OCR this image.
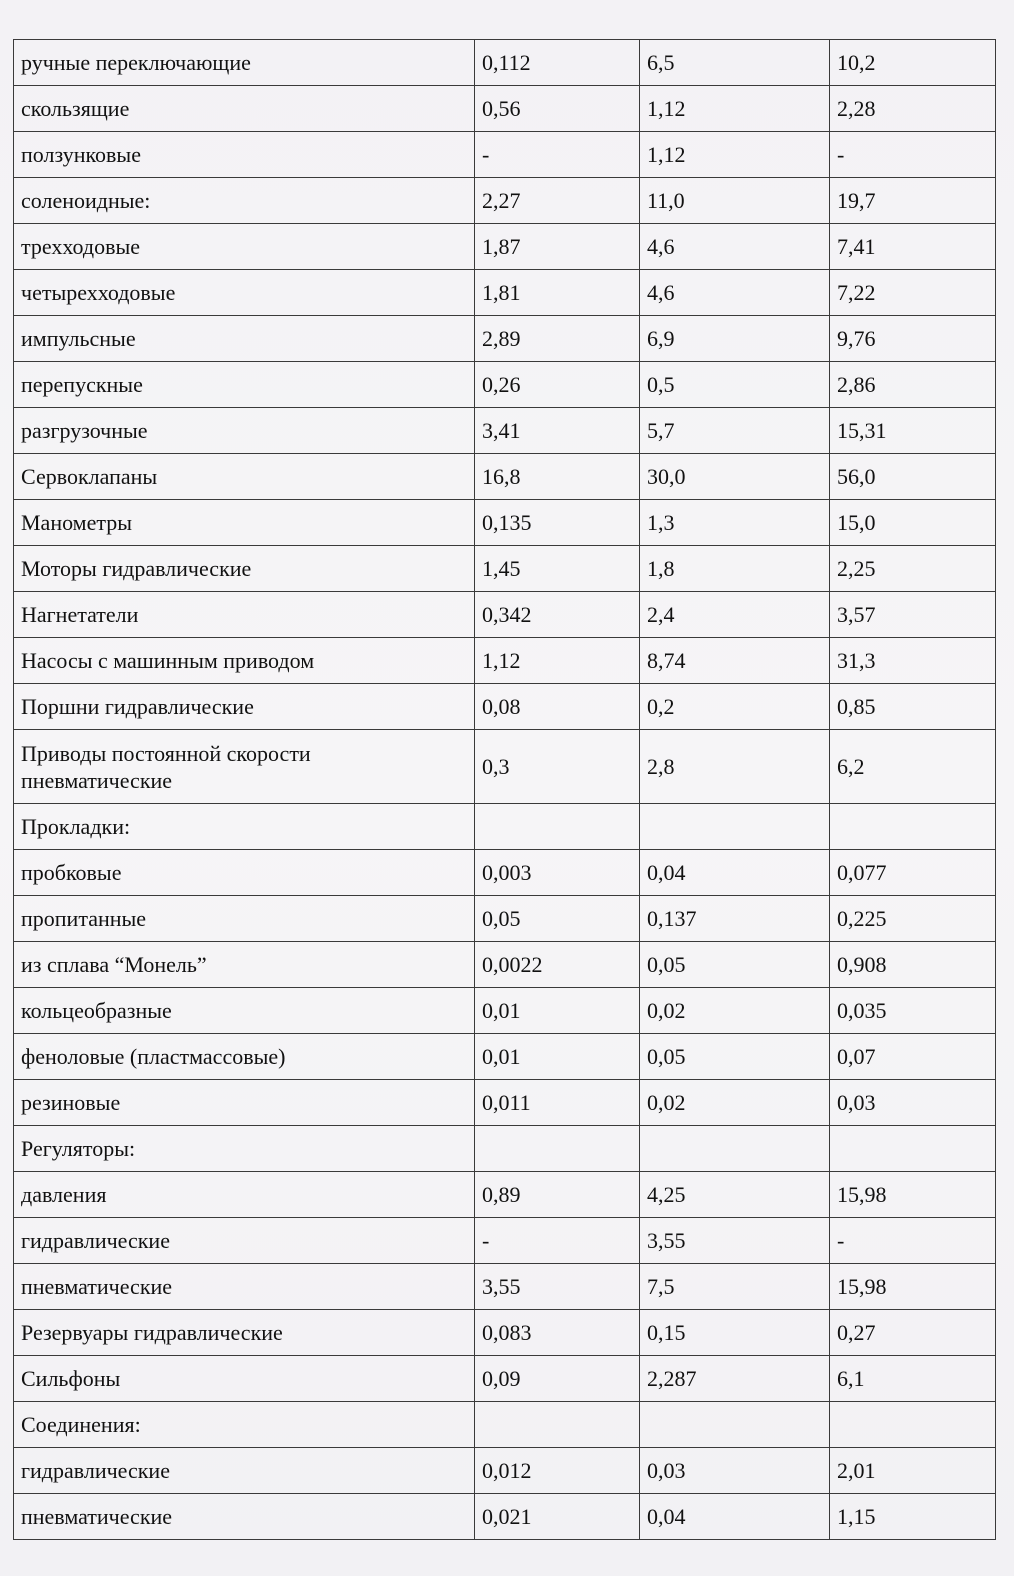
ручные переключающие	0,112	6,5	10,2
скользящие	0,56	1,12	2,28
ползунковые	-	1,12	-
соленоидные:	2,27	11,0	19,7
трехходовые	1,87	4,6	7,41
четырехходовые	1,81	4,6	7,22
импульсные	2,89	6,9	9,76
перепускные	0,26	0,5	2,86
разгрузочные	3,41	5,7	15,31
Сервоклапаны	16,8	30,0	56,0
Манометры	0,135	1,3	15,0
Моторы гидравлические	1,45	1,8	2,25
Нагнетатели	0,342	2,4	3,57
Насосы с машинным приводом	1,12	8,74	31,3
Поршни гидравлические	0,08	0,2	0,85
Приводы постоянной скорости пневматические	0,3	2,8	6,2
Прокладки:			
пробковые	0,003	0,04	0,077
пропитанные	0,05	0,137	0,225
из сплава “Монель”	0,0022	0,05	0,908
кольцеобразные	0,01	0,02	0,035
феноловые (пластмассовые)	0,01	0,05	0,07
резиновые	0,011	0,02	0,03
Регуляторы:			
давления	0,89	4,25	15,98
гидравлические	-	3,55	-
пневматические	3,55	7,5	15,98
Резервуары гидравлические	0,083	0,15	0,27
Сильфоны	0,09	2,287	6,1
Соединения:			
гидравлические	0,012	0,03	2,01
пневматические	0,021	0,04	1,15
